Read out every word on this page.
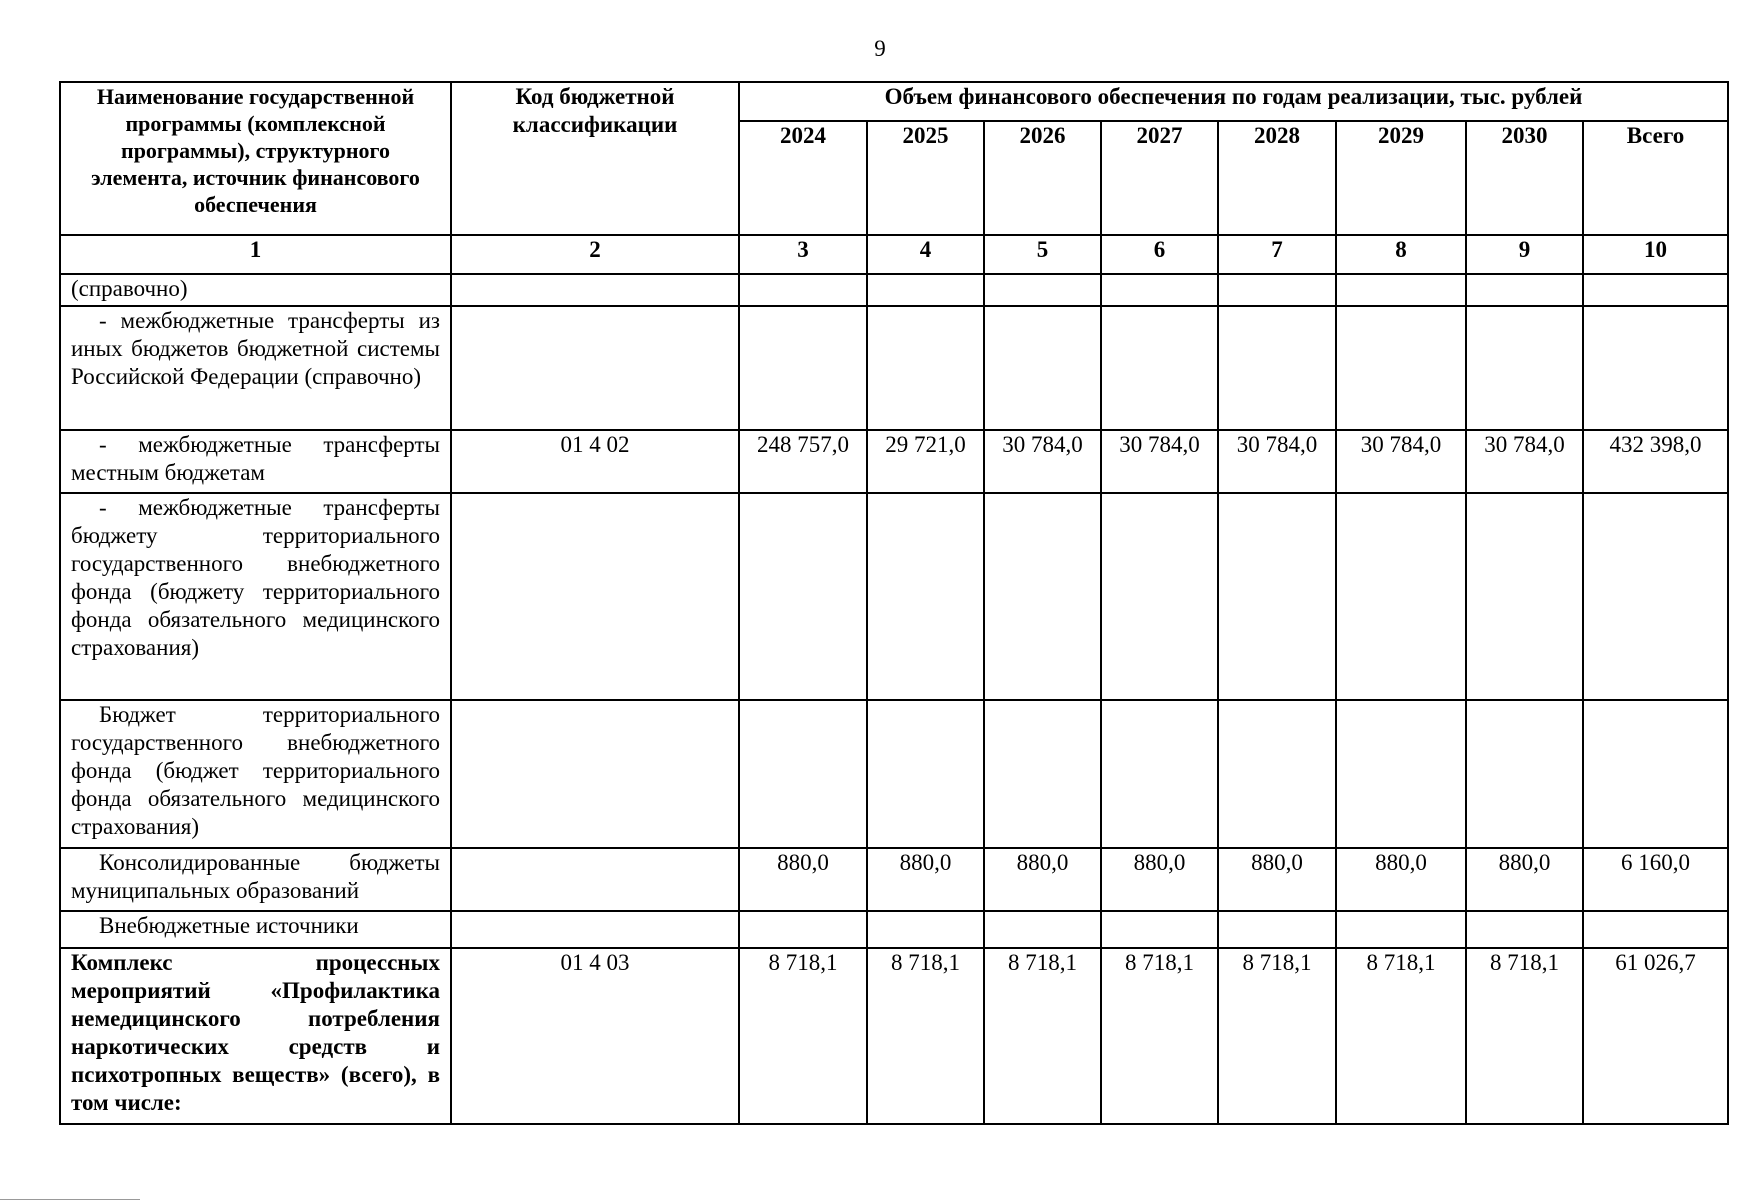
9
Наименование государственной программы (комплексной программы), структурного элемента, источник финансового обеспечения	Код бюджетной классификации	Объем финансового обеспечения по годам реализации, тыс. рублей							
		2024	2025	2026	2027	2028	2029	2030	Всего
1	2	3	4	5	6	7	8	9	10
(справочно)									
- межбюджетные трансферты из иных бюджетов бюджетной системы Российской Федерации (справочно)									
- межбюджетные трансферты местным бюджетам	01 4 02	248 757,0	29 721,0	30 784,0	30 784,0	30 784,0	30 784,0	30 784,0	432 398,0
- межбюджетные трансферты бюджету территориального государственного внебюджетного фонда (бюджету территориального фонда обязательного медицинского страхования)									
Бюджет территориального государственного внебюджетного фонда (бюджет территориального фонда обязательного медицинского страхования)									
Консолидированные бюджеты муниципальных образований		880,0	880,0	880,0	880,0	880,0	880,0	880,0	6 160,0
Внебюджетные источники									
Комплекс процессных мероприятий «Профилактика немедицинского потребления наркотических средств и психотропных веществ» (всего), в том числе:	01 4 03	8 718,1	8 718,1	8 718,1	8 718,1	8 718,1	8 718,1	8 718,1	61 026,7
